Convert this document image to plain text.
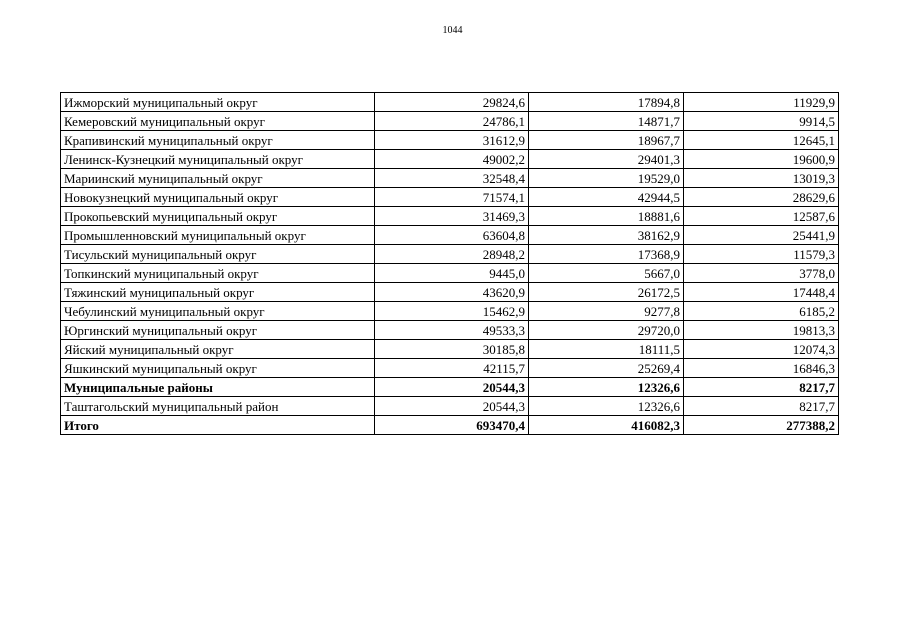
1044
Ижморский муниципальный округ	29824,6	17894,8	11929,9
Кемеровский муниципальный округ	24786,1	14871,7	9914,5
Крапивинский муниципальный округ	31612,9	18967,7	12645,1
Ленинск-Кузнецкий муниципальный округ	49002,2	29401,3	19600,9
Мариинский муниципальный округ	32548,4	19529,0	13019,3
Новокузнецкий муниципальный округ	71574,1	42944,5	28629,6
Прокопьевский муниципальный округ	31469,3	18881,6	12587,6
Промышленновский муниципальный округ	63604,8	38162,9	25441,9
Тисульский муниципальный округ	28948,2	17368,9	11579,3
Топкинский муниципальный округ	9445,0	5667,0	3778,0
Тяжинский муниципальный округ	43620,9	26172,5	17448,4
Чебулинский муниципальный округ	15462,9	9277,8	6185,2
Юргинский муниципальный округ	49533,3	29720,0	19813,3
Яйский муниципальный округ	30185,8	18111,5	12074,3
Яшкинский муниципальный округ	42115,7	25269,4	16846,3
Муниципальные районы	20544,3	12326,6	8217,7
Таштагольский муниципальный район	20544,3	12326,6	8217,7
Итого	693470,4	416082,3	277388,2
